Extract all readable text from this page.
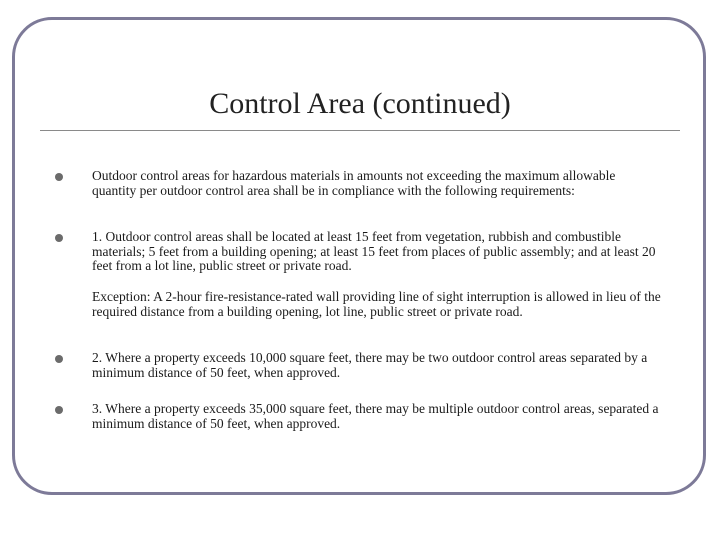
Control Area (continued)
Outdoor control areas for hazardous materials in amounts not exceeding the maximum allowable quantity per outdoor control area shall be in compliance with the following requirements:
1. Outdoor control areas shall be located at least 15 feet from vegetation, rubbish and combustible materials; 5 feet from a building opening; at least 15 feet from places of public assembly; and at least 20 feet from a lot line, public street or private road.
Exception: A 2-hour fire-resistance-rated wall providing line of sight interruption is allowed in lieu of the required distance from a building opening, lot line, public street or private road.
2. Where a property exceeds 10,000 square feet, there may be two outdoor control areas separated by a minimum distance of 50 feet, when approved.
3. Where a property exceeds 35,000 square feet, there may be multiple outdoor control areas, separated a minimum distance of 50 feet, when approved.
